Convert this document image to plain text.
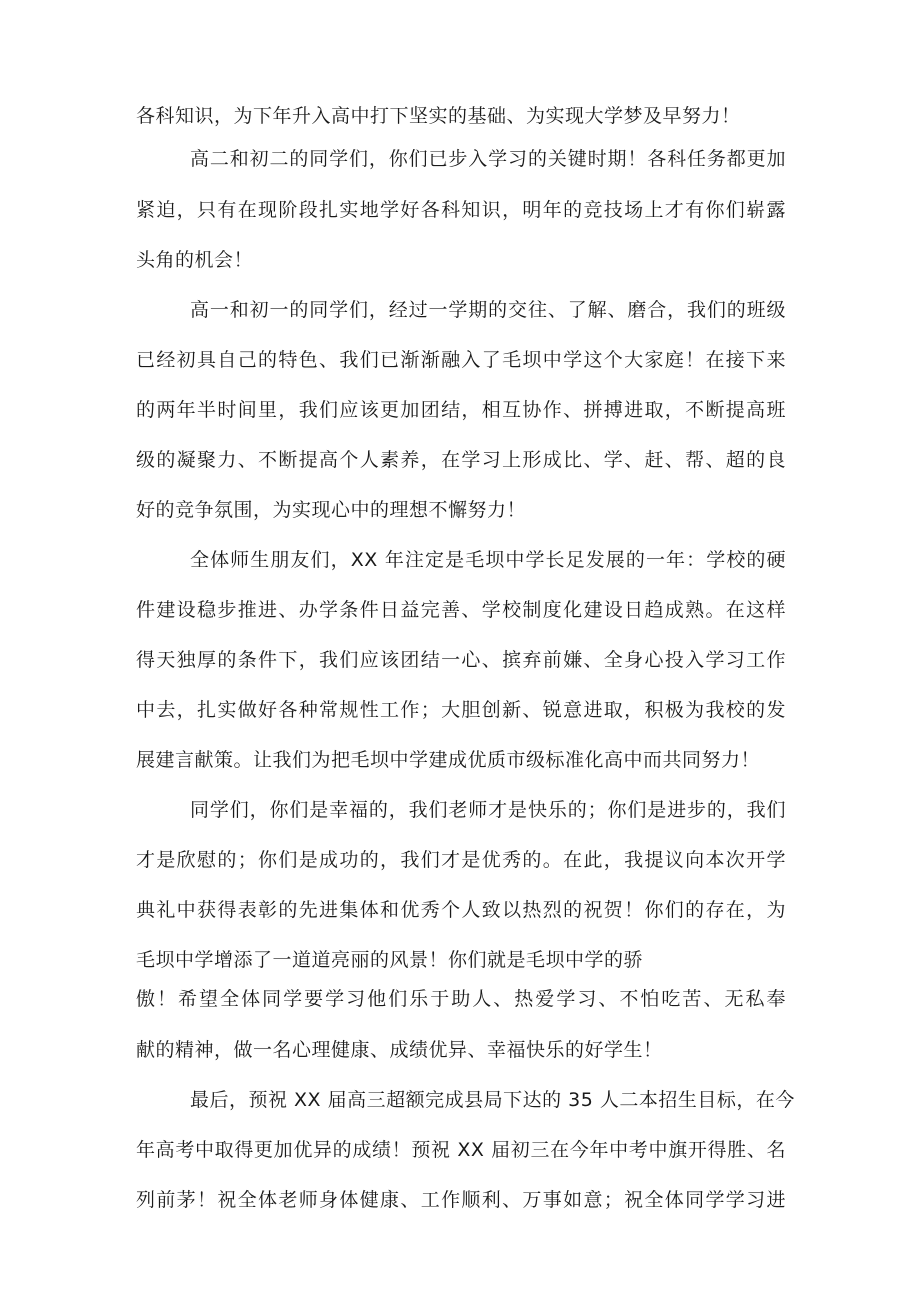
各科知识，为下年升入高中打下坚实的基础、为实现大学梦及早努力！
高二和初二的同学们，你们已步入学习的关键时期！各科任务都更加
紧迫，只有在现阶段扎实地学好各科知识，明年的竞技场上才有你们崭露
头角的机会！
高一和初一的同学们，经过一学期的交往、了解、磨合，我们的班级
已经初具自己的特色、我们已渐渐融入了毛坝中学这个大家庭！在接下来
的两年半时间里，我们应该更加团结，相互协作、拼搏进取，不断提高班
级的凝聚力、不断提高个人素养，在学习上形成比、学、赶、帮、超的良
好的竞争氛围，为实现心中的理想不懈努力！
全体师生朋友们，XX 年注定是毛坝中学长足发展的一年：学校的硬
件建设稳步推进、办学条件日益完善、学校制度化建设日趋成熟。在这样
得天独厚的条件下，我们应该团结一心、摈弃前嫌、全身心投入学习工作
中去，扎实做好各种常规性工作；大胆创新、锐意进取，积极为我校的发
展建言献策。让我们为把毛坝中学建成优质市级标准化高中而共同努力！
同学们，你们是幸福的，我们老师才是快乐的；你们是进步的，我们
才是欣慰的；你们是成功的，我们才是优秀的。在此，我提议向本次开学
典礼中获得表彰的先进集体和优秀个人致以热烈的祝贺！你们的存在，为
毛坝中学增添了一道道亮丽的风景！你们就是毛坝中学的骄
傲！希望全体同学要学习他们乐于助人、热爱学习、不怕吃苦、无私奉
献的精神，做一名心理健康、成绩优异、幸福快乐的好学生！
最后，预祝 XX 届高三超额完成县局下达的 35 人二本招生目标，在今
年高考中取得更加优异的成绩！预祝 XX 届初三在今年中考中旗开得胜、名
列前茅！祝全体老师身体健康、工作顺利、万事如意；祝全体同学学习进
